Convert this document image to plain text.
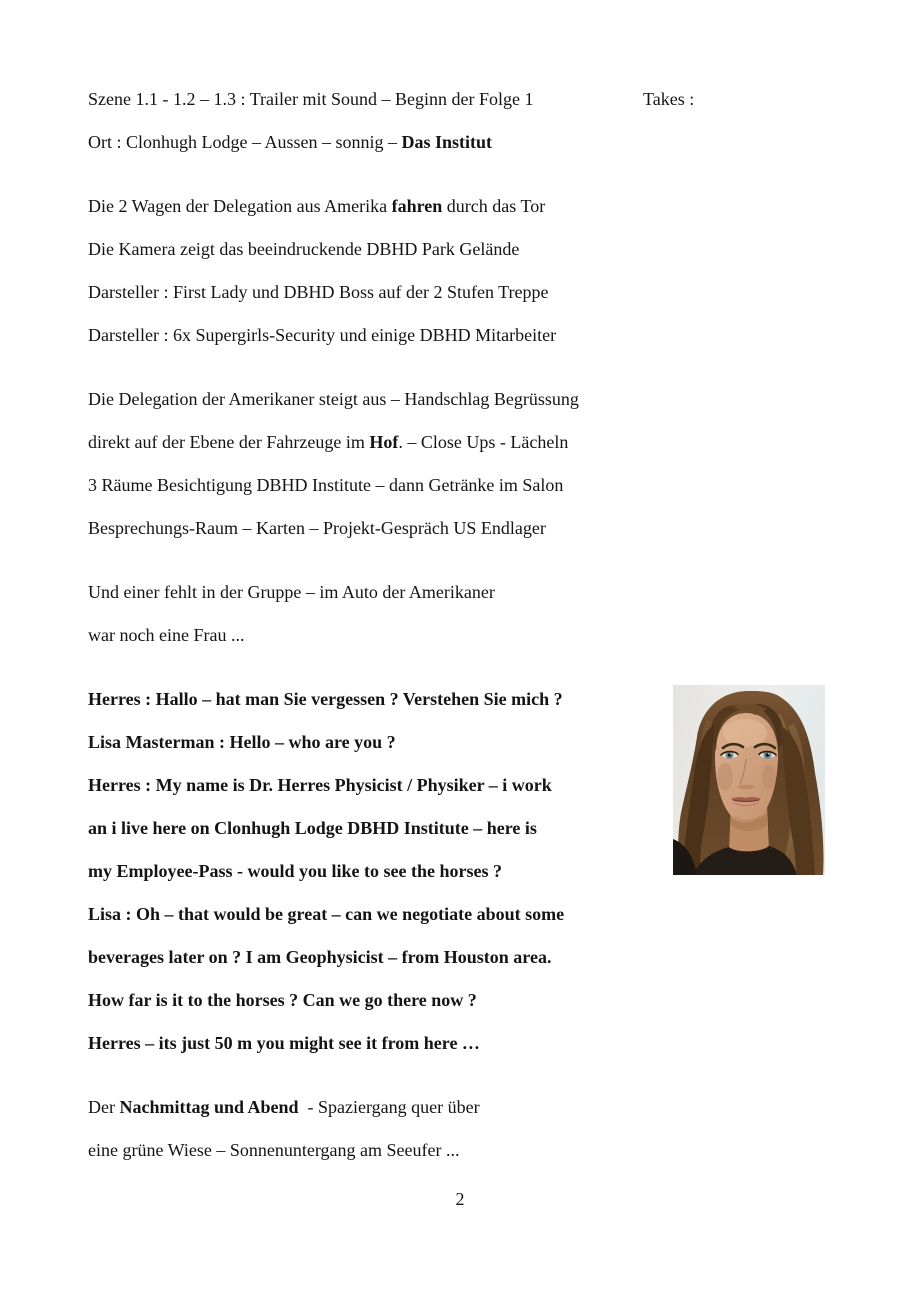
Szene 1.1 - 1.2 – 1.3 : Trailer mit Sound – Beginn der Folge 1
Ort : Clonhugh Lodge – Aussen – sonnig – Das Institut
Die 2 Wagen der Delegation aus Amerika fahren durch das Tor
Die Kamera zeigt das beeindruckende DBHD Park Gelände
Darsteller : First Lady und DBHD Boss auf der 2 Stufen Treppe
Darsteller : 6x Supergirls-Security und einige DBHD Mitarbeiter
Die Delegation der Amerikaner steigt aus – Handschlag Begrüssung
direkt auf der Ebene der Fahrzeuge im Hof. – Close Ups - Lächeln
3 Räume Besichtigung DBHD Institute – dann Getränke im Salon
Besprechungs-Raum – Karten – Projekt-Gespräch US Endlager
Und einer fehlt in der Gruppe – im Auto der Amerikaner
war noch eine Frau ...
Herres : Hallo – hat man Sie vergessen ? Verstehen Sie mich ?
Lisa Masterman : Hello – who are you ?
Herres : My name is Dr. Herres Physicist / Physiker – i work
an i live here on Clonhugh Lodge DBHD Institute – here is
my Employee-Pass - would you like to see the horses ?
Lisa : Oh – that would be great – can we negotiate about some
beverages later on ? I am Geophysicist – from Houston area.
How far is it to the horses ? Can we go there now ?
Herres – its just 50 m you might see it from here …
Der Nachmittag und Abend  - Spaziergang quer über
eine grüne Wiese – Sonnenuntergang am Seeufer ...
Takes :
2
